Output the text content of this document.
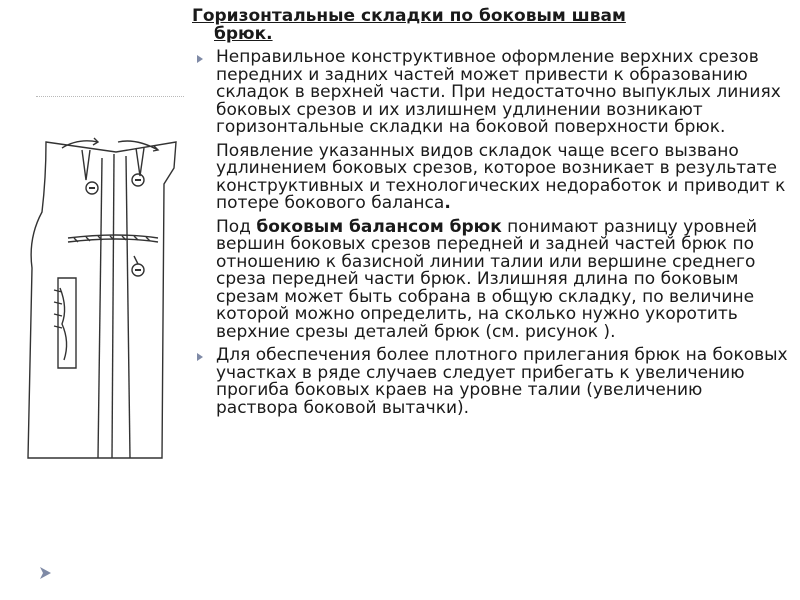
Горизонтальные складки по боковым швам
брюк.

Неправильное конструктивное оформление верхних срезов передних и задних частей может привести к образованию складок в верхней части. При недостаточно выпуклых линиях боковых срезов и их излишнем удлинении возникают горизонтальные складки на боковой поверхности брюк.

Появление указанных видов складок чаще всего вызвано удлинением боковых срезов, которое возникает в результате конструктивных и технологических недоработок и приводит к потере бокового баланса.

Под боковым балансом брюк понимают разницу уровней вершин боковых срезов передней и задней частей брюк по отношению к базисной линии талии или вершине среднего среза передней части брюк. Излишняя длина по боковым срезам может быть собрана в общую складку, по величине которой можно определить, на сколько нужно укоротить верхние срезы деталей брюк (см. рисунок ).

Для обеспечения более плотного прилегания брюк на боковых участках в ряде случаев следует прибегать к увеличению прогиба боковых краев на уровне талии (увеличению раствора боковой вытачки).
